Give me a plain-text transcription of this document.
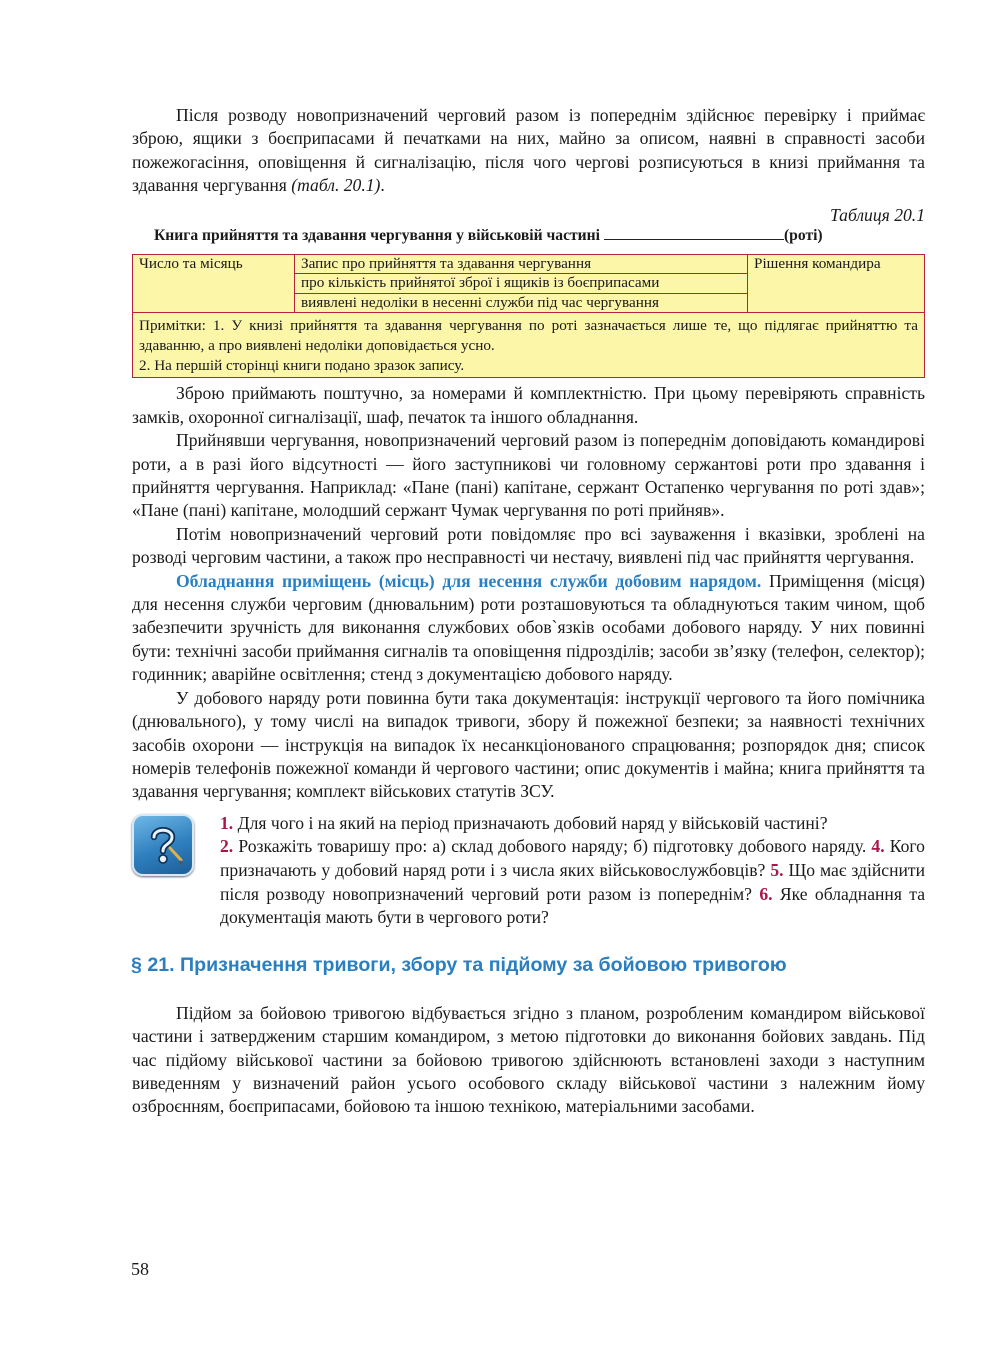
Після розводу новопризначений черговий разом із попереднім здійснює перевірку і приймає зброю, ящики з боєприпасами й печатками на них, майно за описом, наявні в справності засоби пожежогасіння, оповіщення й сигналізацію, після чого чергові розписуються в книзі приймання та здавання чергування (табл. 20.1).

Таблиця 20.1
Книга прийняття та здавання чергування у військовій частині	(роті)
Число та місяць	Запис про прийняття та здавання чергування	Рішення командира
про кількість прийнятої зброї і ящиків із боєприпасами
виявлені недоліки в несенні служби під час чергування

Примітки: 1. У книзі прийняття та здавання чергування по роті зазначається лише те, що підлягає прийняттю та здаванню, а про виявлені недоліки доповідається усно.
2. На першій сторінці книги подано зразок запису.

Зброю приймають поштучно, за номерами й комплектністю. При цьому перевіряють справність замків, охоронної сигналізації, шаф, печаток та іншого обладнання.

Прийнявши чергування, новопризначений черговий разом із попереднім доповідають командирові роти, а в разі його відсутності — його заступникові чи головному сержантові роти про здавання і прийняття чергування. Наприклад: «Пане (пані) капітане, сержант Остапенко чергування по роті здав»; «Пане (пані) капітане, молодший сержант Чумак чергування по роті прийняв».

Потім новопризначений черговий роти повідомляє про всі зауваження і вказівки, зроблені на розводі черговим частини, а також про несправності чи нестачу, виявлені під час прийняття чергування.

Обладнання приміщень (місць) для несення служби добовим нарядом. Приміщення (місця) для несення служби черговим (днювальним) роти розташовуються та обладнуються таким чином, щоб забезпечити зручність для виконання службових обов`язків особами добового наряду. У них повинні бути: технічні засоби приймання сигналів та оповіщення підрозділів; засоби зв’язку (телефон, селектор); годинник; аварійне освітлення; стенд з документацією добового наряду.

У добового наряду роти повинна бути така документація: інструкції чергового та його помічника (днювального), у тому числі на випадок тривоги, збору й пожежної безпеки; за наявності технічних засобів охорони — інструкція на випадок їх несанкціонованого спрацювання; розпорядок дня; список номерів телефонів пожежної команди й чергового частини; опис документів і майна; книга прийняття та здавання чергування; комплект військових статутів ЗСУ.

1. Для чого і на який на період призначають добовий наряд у військовій частині?
2. Розкажіть товаришу про: а) склад добового наряду; б) підготовку добового наряду. 4. Кого призначають у добовий наряд роти і з числа яких військовослужбовців? 5. Що має здійснити після розводу новопризначений черговий роти разом із попереднім? 6. Яке обладнання та документація мають бути в чергового роти?
§ 21. Призначення тривоги, збору та підйому за бойовою тривогою

Підйом за бойовою тривогою відбувається згідно з планом, розробленим командиром військової частини і затвердженим старшим командиром, з метою підготовки до виконання бойових завдань. Під час підйому військової частини за бойовою тривогою здійснюють встановлені заходи з наступним виведенням у визначений район усього особового складу військової частини з належним йому озброєнням, боєприпасами, бойовою та іншою технікою, матеріальними засобами.

58
